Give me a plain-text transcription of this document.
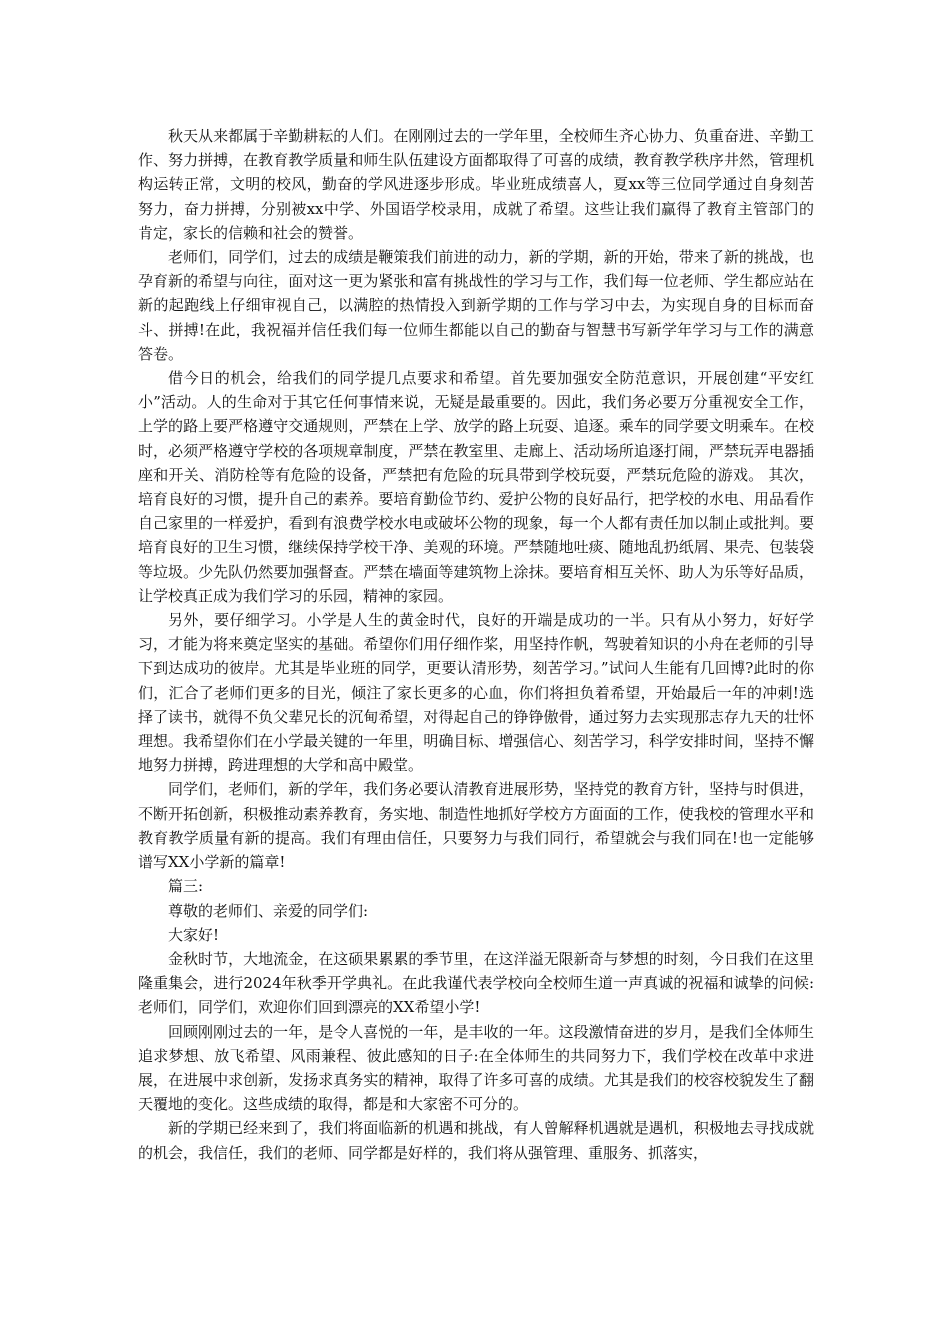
秋天从来都属于辛勤耕耘的人们。在刚刚过去的一学年里，全校师生齐心协力、负重奋进、辛勤工作、努力拼搏，在教育教学质量和师生队伍建设方面都取得了可喜的成绩，教育教学秩序井然，管理机构运转正常，文明的校风，勤奋的学风进逐步形成。毕业班成绩喜人，夏xx等三位同学通过自身刻苦努力，奋力拼搏，分别被xx中学、外国语学校录用，成就了希望。这些让我们赢得了教育主管部门的肯定，家长的信赖和社会的赞誉。

老师们，同学们，过去的成绩是鞭策我们前进的动力，新的学期，新的开始，带来了新的挑战，也孕育新的希望与向往，面对这一更为紧张和富有挑战性的学习与工作，我们每一位老师、学生都应站在新的起跑线上仔细审视自己，以满腔的热情投入到新学期的工作与学习中去，为实现自身的目标而奋斗、拼搏!在此，我祝福并信任我们每一位师生都能以自己的勤奋与智慧书写新学年学习与工作的满意答卷。

借今日的机会，给我们的同学提几点要求和希望。首先要加强安全防范意识，开展创建“平安红小”活动。人的生命对于其它任何事情来说，无疑是最重要的。因此，我们务必要万分重视安全工作，上学的路上要严格遵守交通规则，严禁在上学、放学的路上玩耍、追逐。乘车的同学要文明乘车。在校时，必须严格遵守学校的各项规章制度，严禁在教室里、走廊上、活动场所追逐打闹，严禁玩弄电器插座和开关、消防栓等有危险的设备，严禁把有危险的玩具带到学校玩耍，严禁玩危险的游戏。 其次，培育良好的习惯，提升自己的素养。要培育勤俭节约、爱护公物的良好品行，把学校的水电、用品看作自己家里的一样爱护，看到有浪费学校水电或破坏公物的现象，每一个人都有责任加以制止或批判。要培育良好的卫生习惯，继续保持学校干净、美观的环境。严禁随地吐痰、随地乱扔纸屑、果壳、包装袋等垃圾。少先队仍然要加强督查。严禁在墙面等建筑物上涂抹。要培育相互关怀、助人为乐等好品质，让学校真正成为我们学习的乐园，精神的家园。

另外，要仔细学习。小学是人生的黄金时代，良好的开端是成功的一半。只有从小努力，好好学习，才能为将来奠定坚实的基础。希望你们用仔细作桨，用坚持作帆，驾驶着知识的小舟在老师的引导下到达成功的彼岸。尤其是毕业班的同学，更要认清形势，刻苦学习。”试问人生能有几回博?此时的你们，汇合了老师们更多的目光，倾注了家长更多的心血，你们将担负着希望，开始最后一年的冲刺!选择了读书，就得不负父辈兄长的沉甸希望，对得起自己的铮铮傲骨，通过努力去实现那志存九天的壮怀理想。我希望你们在小学最关键的一年里，明确目标、增强信心、刻苦学习，科学安排时间，坚持不懈地努力拼搏，跨进理想的大学和高中殿堂。

同学们，老师们，新的学年，我们务必要认清教育进展形势，坚持党的教育方针，坚持与时俱进，不断开拓创新，积极推动素养教育，务实地、制造性地抓好学校方方面面的工作，使我校的管理水平和教育教学质量有新的提高。我们有理由信任，只要努力与我们同行，希望就会与我们同在!也一定能够谱写XX小学新的篇章!

篇三:

尊敬的老师们、亲爱的同学们:

大家好!

金秋时节，大地流金，在这硕果累累的季节里，在这洋溢无限新奇与梦想的时刻，今日我们在这里隆重集会，进行2024年秋季开学典礼。在此我谨代表学校向全校师生道一声真诚的祝福和诚挚的问候:老师们，同学们，欢迎你们回到漂亮的XX希望小学!

回顾刚刚过去的一年，是令人喜悦的一年，是丰收的一年。这段激情奋进的岁月，是我们全体师生追求梦想、放飞希望、风雨兼程、彼此感知的日子:在全体师生的共同努力下，我们学校在改革中求进展，在进展中求创新，发扬求真务实的精神，取得了许多可喜的成绩。尤其是我们的校容校貌发生了翻天覆地的变化。这些成绩的取得，都是和大家密不可分的。

新的学期已经来到了，我们将面临新的机遇和挑战，有人曾解释机遇就是遇机，积极地去寻找成就的机会，我信任，我们的老师、同学都是好样的，我们将从强管理、重服务、抓落实，
